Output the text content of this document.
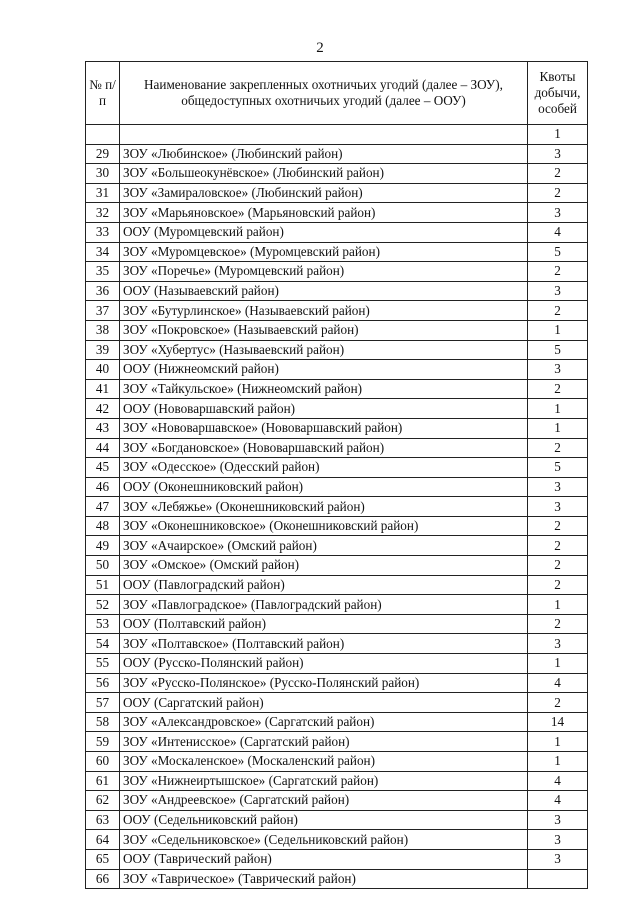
2
№ п/п	Наименование закрепленных охотничьих угодий (далее – ЗОУ), общедоступных охотничьих угодий (далее – ООУ)	Квоты добычи, особей
		1
29	ЗОУ «Любинское» (Любинский район)	3
30	ЗОУ «Большеокунёвское» (Любинский район)	2
31	ЗОУ «Замираловское» (Любинский район)	2
32	ЗОУ «Марьяновское» (Марьяновский район)	3
33	ООУ (Муромцевский район)	4
34	ЗОУ «Муромцевское» (Муромцевский район)	5
35	ЗОУ «Поречье» (Муромцевский район)	2
36	ООУ (Называевский район)	3
37	ЗОУ «Бутурлинское» (Называевский район)	2
38	ЗОУ «Покровское» (Называевский район)	1
39	ЗОУ «Хубертус» (Называевский район)	5
40	ООУ (Нижнеомский район)	3
41	ЗОУ «Тайкульское» (Нижнеомский район)	2
42	ООУ (Нововаршавский район)	1
43	ЗОУ «Нововаршавское» (Нововаршавский район)	1
44	ЗОУ «Богдановское» (Нововаршавский район)	2
45	ЗОУ «Одесское» (Одесский район)	5
46	ООУ (Оконешниковский район)	3
47	ЗОУ «Лебяжье» (Оконешниковский район)	3
48	ЗОУ «Оконешниковское» (Оконешниковский район)	2
49	ЗОУ «Ачаирское» (Омский район)	2
50	ЗОУ «Омское» (Омский район)	2
51	ООУ (Павлоградский район)	2
52	ЗОУ «Павлоградское» (Павлоградский район)	1
53	ООУ (Полтавский район)	2
54	ЗОУ «Полтавское» (Полтавский район)	3
55	ООУ (Русско-Полянский район)	1
56	ЗОУ «Русско-Полянское» (Русско-Полянский район)	4
57	ООУ (Саргатский район)	2
58	ЗОУ «Александровское» (Саргатский район)	14
59	ЗОУ «Интенисское» (Саргатский район)	1
60	ЗОУ «Москаленское» (Москаленский район)	1
61	ЗОУ «Нижнеиртышское» (Саргатский район)	4
62	ЗОУ «Андреевское» (Саргатский район)	4
63	ООУ (Седельниковский район)	3
64	ЗОУ «Седельниковское» (Седельниковский район)	3
65	ООУ (Таврический район)	3
66	ЗОУ «Таврическое» (Таврический район)	
